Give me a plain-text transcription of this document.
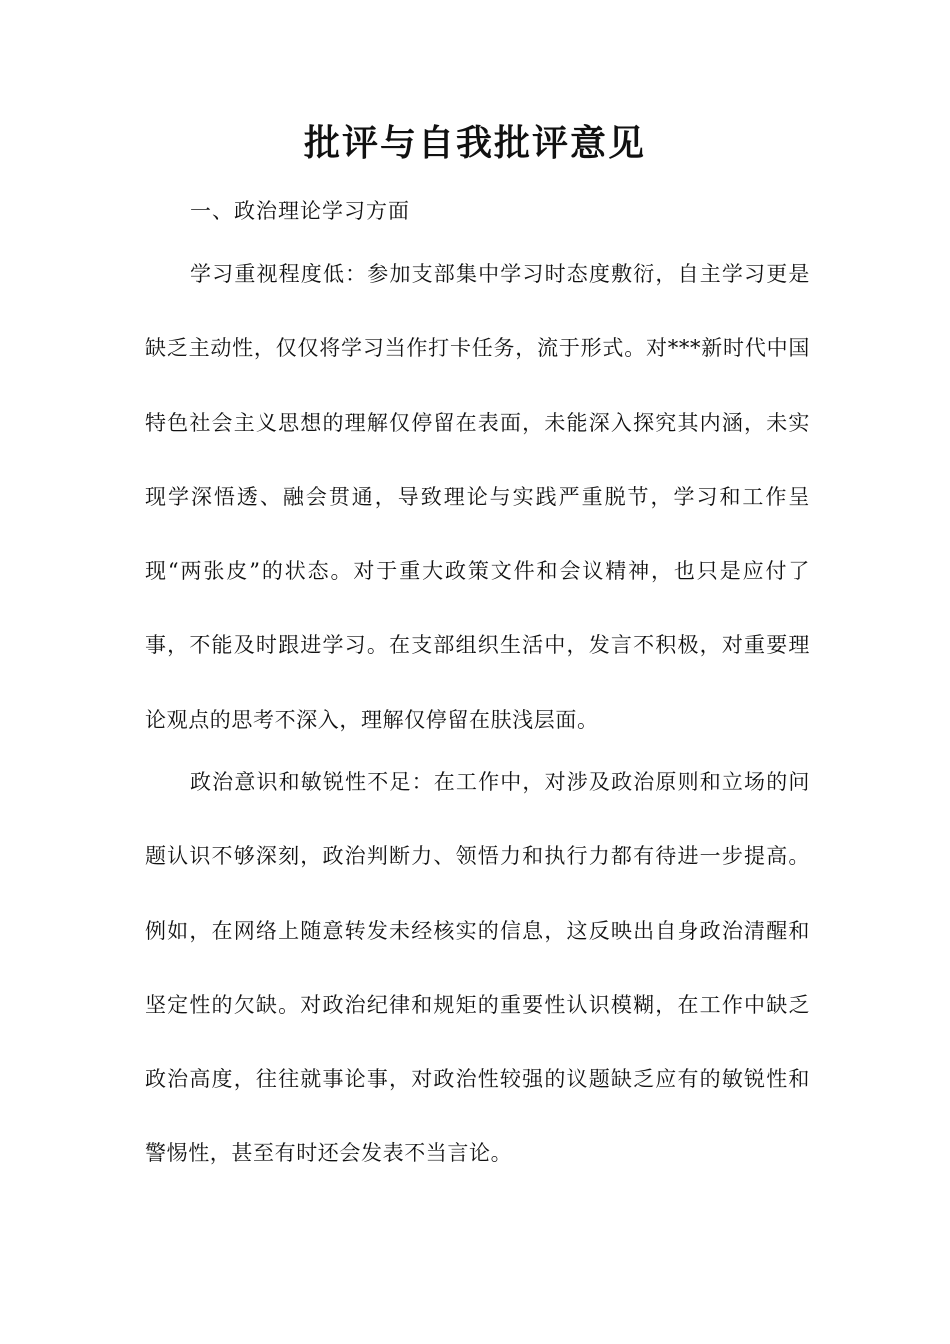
批评与自我批评意见

一、政治理论学习方面

学习重视程度低：参加支部集中学习时态度敷衍，自主学习更是缺乏主动性，仅仅将学习当作打卡任务，流于形式。对***新时代中国特色社会主义思想的理解仅停留在表面，未能深入探究其内涵，未实现学深悟透、融会贯通，导致理论与实践严重脱节，学习和工作呈现“两张皮”的状态。对于重大政策文件和会议精神，也只是应付了事，不能及时跟进学习。在支部组织生活中，发言不积极，对重要理论观点的思考不深入，理解仅停留在肤浅层面。

政治意识和敏锐性不足：在工作中，对涉及政治原则和立场的问题认识不够深刻，政治判断力、领悟力和执行力都有待进一步提高。例如，在网络上随意转发未经核实的信息，这反映出自身政治清醒和坚定性的欠缺。对政治纪律和规矩的重要性认识模糊，在工作中缺乏政治高度，往往就事论事，对政治性较强的议题缺乏应有的敏锐性和警惕性，甚至有时还会发表不当言论。
